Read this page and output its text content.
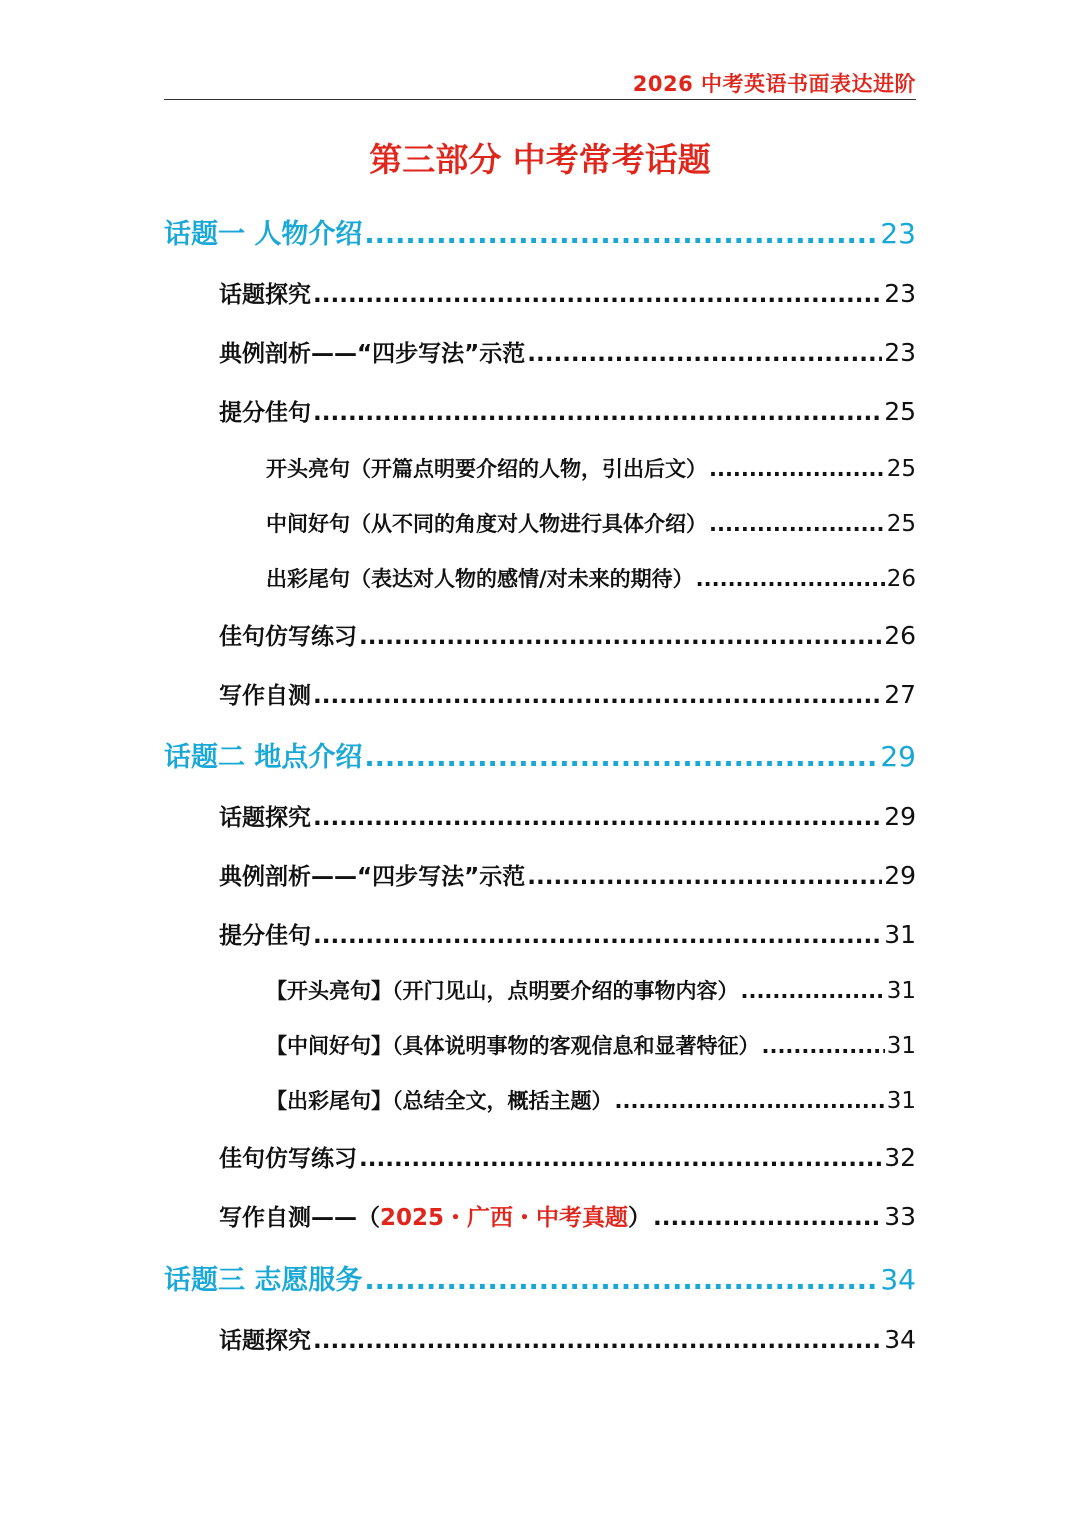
2026 中考英语书面表达进阶
第三部分 中考常考话题
话题一 人物介绍 .....	23
话题探究 .....	23
典例剖析——“四步写法”示范 .....	23
提分佳句 .....	25
开头亮句（开篇点明要介绍的人物，引出后文） .....	25
中间好句（从不同的角度对人物进行具体介绍） .....	25
出彩尾句（表达对人物的感情/对未来的期待） .....	26
佳句仿写练习 .....	26
写作自测 .....	27
话题二 地点介绍 .....	29
话题探究 .....	29
典例剖析——“四步写法”示范 .....	29
提分佳句 .....	31
【开头亮句】（开门见山，点明要介绍的事物内容） .....	31
【中间好句】（具体说明事物的客观信息和显著特征） .....	31
【出彩尾句】（总结全文，概括主题） .....	31
佳句仿写练习 .....	32
写作自测——（2025・广西・中考真题） .....	33
话题三 志愿服务 .....	34
话题探究 .....	34
